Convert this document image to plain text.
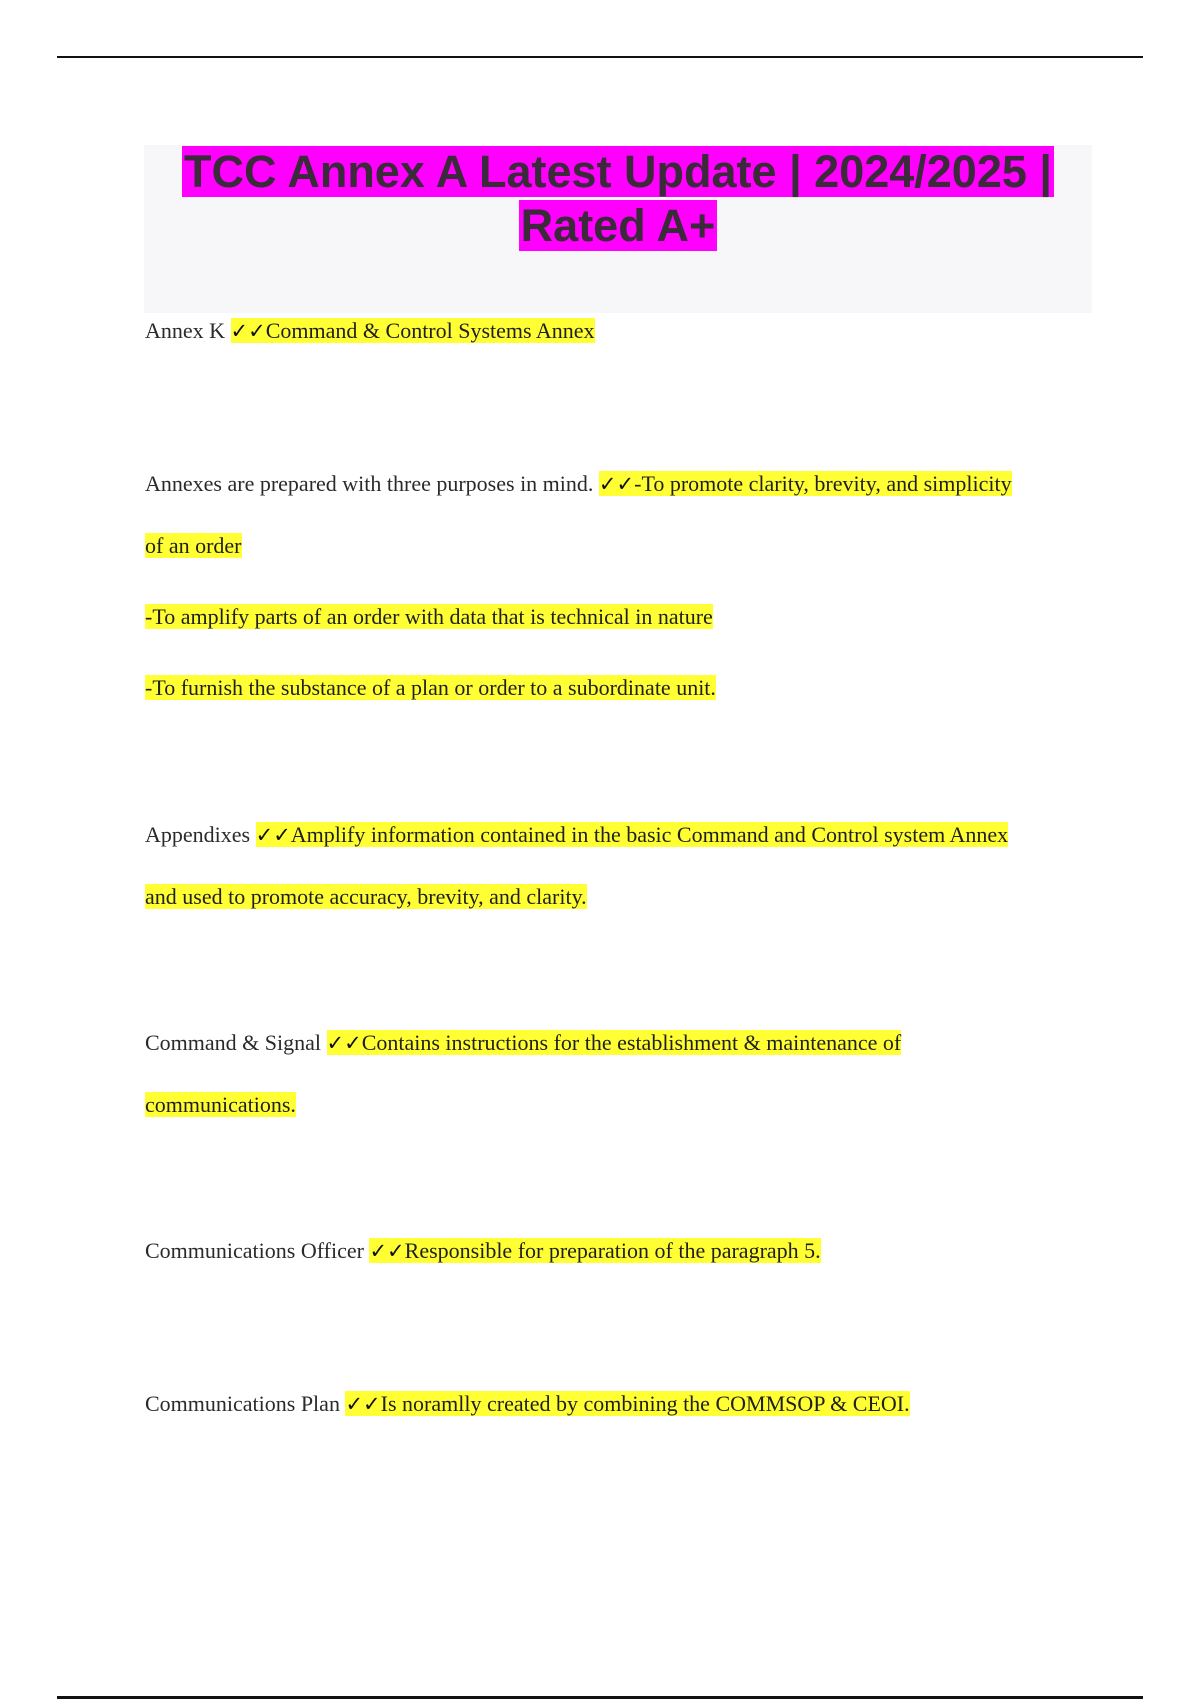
TCC Annex A Latest Update | 2024/2025 | Rated A+

Annex K ✓✓Command & Control Systems Annex

Annexes are prepared with three purposes in mind. ✓✓-To promote clarity, brevity, and simplicity of an order

-To amplify parts of an order with data that is technical in nature

-To furnish the substance of a plan or order to a subordinate unit.

Appendixes ✓✓Amplify information contained in the basic Command and Control system Annex and used to promote accuracy, brevity, and clarity.

Command & Signal ✓✓Contains instructions for the establishment & maintenance of communications.

Communications Officer ✓✓Responsible for preparation of the paragraph 5.

Communications Plan ✓✓Is noramlly created by combining the COMMSOP & CEOI.
